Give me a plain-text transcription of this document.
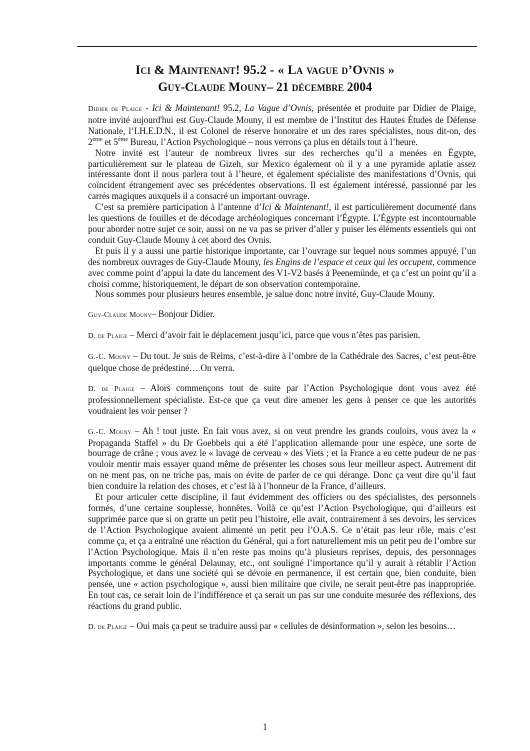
Ici & Maintenant! 95.2 - « La vague d’Ovnis »
Guy-Claude Mouny– 21 décembre 2004

Didier de Plaige - Ici & Maintenant! 95.2, La Vague d’Ovnis, présentée et produite par Didier de Plaige, notre invité aujourd'hui est Guy-Claude Mouny, il est membre de l’Institut des Hautes Études de Défense Nationale, l’I.H.E.D.N., il est Colonel de réserve honoraire et un des rares spécialistes, nous dit-on, des 2ème et 5ème Bureau, l’Action Psychologique – nous verrons ça plus en détails tout à l’heure.

Notre invité est l’auteur de nombreux livres sur des recherches qu’il a menées en Égypte, particulièrement sur le plateau de Gizeh, sur Mexico également où il y a une pyramide aplatie assez intéressante dont il nous parlera tout à l’heure, et également spécialiste des manifestations d’Ovnis, qui coïncident étrangement avec ses précédentes observations. Il est également intéressé, passionné par les carrés magiques auxquels il a consacré un important ouvrage.

C’est sa première participation à l’antenne d’Ici & Maintenant!, il est particulièrement documenté dans les questions de fouilles et de décodage archéologiques concernant l’Égypte. L’Égypte est incontournable pour aborder notre sujet ce soir, aussi on ne va pas se priver d’aller y puiser les éléments essentiels qui ont conduit Guy-Claude Mouny à cet abord des Ovnis.

Et puis il y a aussi une partie historique importante, car l’ouvrage sur lequel nous sommes appuyé, l’un des nombreux ouvrages de Guy-Claude Mouny, les Engins de l’espace et ceux qui les occupent, commence avec comme point d’appui la date du lancement des V1-V2 basés à Peenemünde, et ça c’est un point qu’il a choisi comme, historiquement, le départ de son observation contemporaine.

Nous sommes pour plusieurs heures ensemble, je salue donc notre invité, Guy-Claude Mouny.

Guy-Claude Mouny– Bonjour Didier.

D. de Plaige – Merci d’avoir fait le déplacement jusqu’ici, parce que vous n’êtes pas parisien.

G.-C. Mouny – Du tout. Je suis de Reims, c’est-à-dire à l’ombre de la Cathédrale des Sacres, c’est peut-être quelque chose de prédestiné… On verra.

D. de Plaige – Alors commençons tout de suite par l’Action Psychologique dont vous avez été professionnellement spécialiste. Est-ce que ça veut dire amener les gens à penser ce que les autorités voudraient les voir penser ?

G.-C. Mouny – Ah ! tout juste. En fait vous avez, si on veut prendre les grands couloirs, vous avez la « Propaganda Staffel » du Dr Goebbels qui a été l’application allemande pour une espèce, une sorte de bourrage de crâne ; vous avez le « lavage de cerveau » des Viets ; et la France a eu cette pudeur de ne pas vouloir mentir mais essayer quand même de présenter les choses sous leur meilleur aspect. Autrement dit on ne ment pas, on ne triche pas, mais on évite de parler de ce qui dérange. Donc ça veut dire qu’il faut bien conduire la relation des choses, et c’est là à l’honneur de la France, d’ailleurs.

Et pour articuler cette discipline, il faut évidemment des officiers ou des spécialistes, des personnels formés, d’une certaine souplesse, honnêtes. Voilà ce qu’est l’Action Psychologique, qui d’ailleurs est supprimée parce que si on gratte un petit peu l’histoire, elle avait, contrairement à ses devoirs, les services de l’Action Psychologique avaient alimenté un petit peu l’O.A.S. Ce n’était pas leur rôle, mais c’est comme ça, et ça a entraîné une réaction du Général, qui a fort naturellement mis un petit peu de l’ombre sur l’Action Psychologique. Mais il n’en reste pas moins qu’à plusieurs reprises, depuis, des personnages importants comme le général Delaunay, etc., ont souligné l’importance qu’il y aurait à rétablir l’Action Psychologique, et dans une société qui se dévoie en permanence, il est certain que, bien conduite, bien pensée, une « action psychologique », aussi bien militaire que civile, ne serait peut-être pas inappropriée. En tout cas, ce serait loin de l’indifférence et ça serait un pas sur une conduite mesurée des réflexions, des réactions du grand public.

D. de Plaige – Oui mais ça peut se traduire aussi par « cellules de désinformation », selon les besoins…

1
